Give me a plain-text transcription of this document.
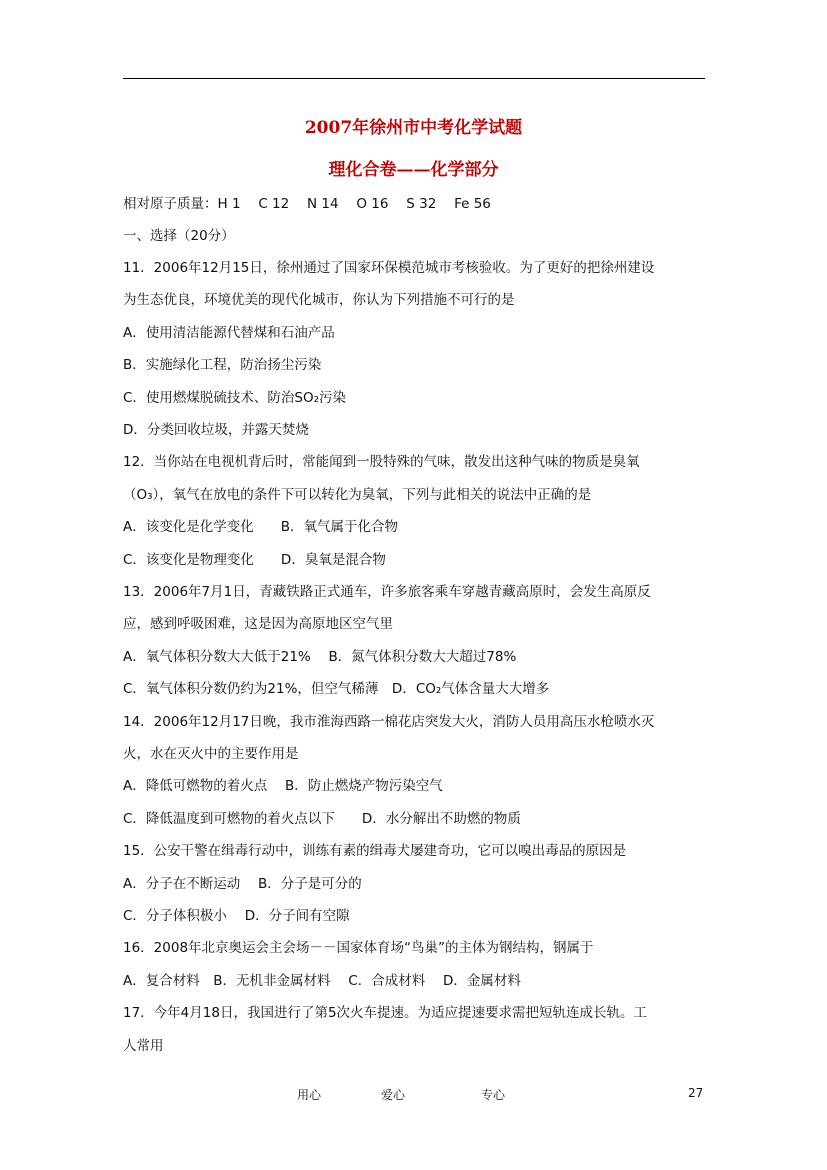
2007年徐州市中考化学试题
理化合卷——化学部分
相对原子质量：H 1　 C 12　 N 14　 O 16　 S 32　 Fe 56
一、选择（20分）
11．2006年12月15日，徐州通过了国家环保模范城市考核验收。为了更好的把徐州建设
为生态优良，环境优美的现代化城市，你认为下列措施不可行的是
A．使用清洁能源代替煤和石油产品
B．实施绿化工程，防治扬尘污染
C．使用燃煤脱硫技术、防治SO₂污染
D．分类回收垃圾，并露天焚烧
12．当你站在电视机背后时，常能闻到一股特殊的气味，散发出这种气味的物质是臭氧
（O₃），氧气在放电的条件下可以转化为臭氧，下列与此相关的说法中正确的是
A．该变化是化学变化　　B．氧气属于化合物
C．该变化是物理变化　　D．臭氧是混合物
13．2006年7月1日，青藏铁路正式通车，许多旅客乘车穿越青藏高原时，会发生高原反
应，感到呼吸困难，这是因为高原地区空气里
A．氧气体积分数大大低于21%　 B．氮气体积分数大大超过78%
C．氧气体积分数仍约为21%，但空气稀薄　D．CO₂气体含量大大增多
14．2006年12月17日晚，我市淮海西路一棉花店突发大火，消防人员用高压水枪喷水灭
火，水在灭火中的主要作用是
A．降低可燃物的着火点　 B．防止燃烧产物污染空气
C．降低温度到可燃物的着火点以下　　D．水分解出不助燃的物质
15．公安干警在缉毒行动中，训练有素的缉毒犬屡建奇功，它可以嗅出毒品的原因是
A．分子在不断运动　 B．分子是可分的
C．分子体积极小　 D．分子间有空隙
16．2008年北京奥运会主会场－－国家体育场“鸟巢”的主体为钢结构，钢属于
A．复合材料　B．无机非金属材料　 C．合成材料　 D．金属材料
17．今年4月18日，我国进行了第5次火车提速。为适应提速要求需把短轨连成长轨。工
人常用
用心	爱心	专心	27
